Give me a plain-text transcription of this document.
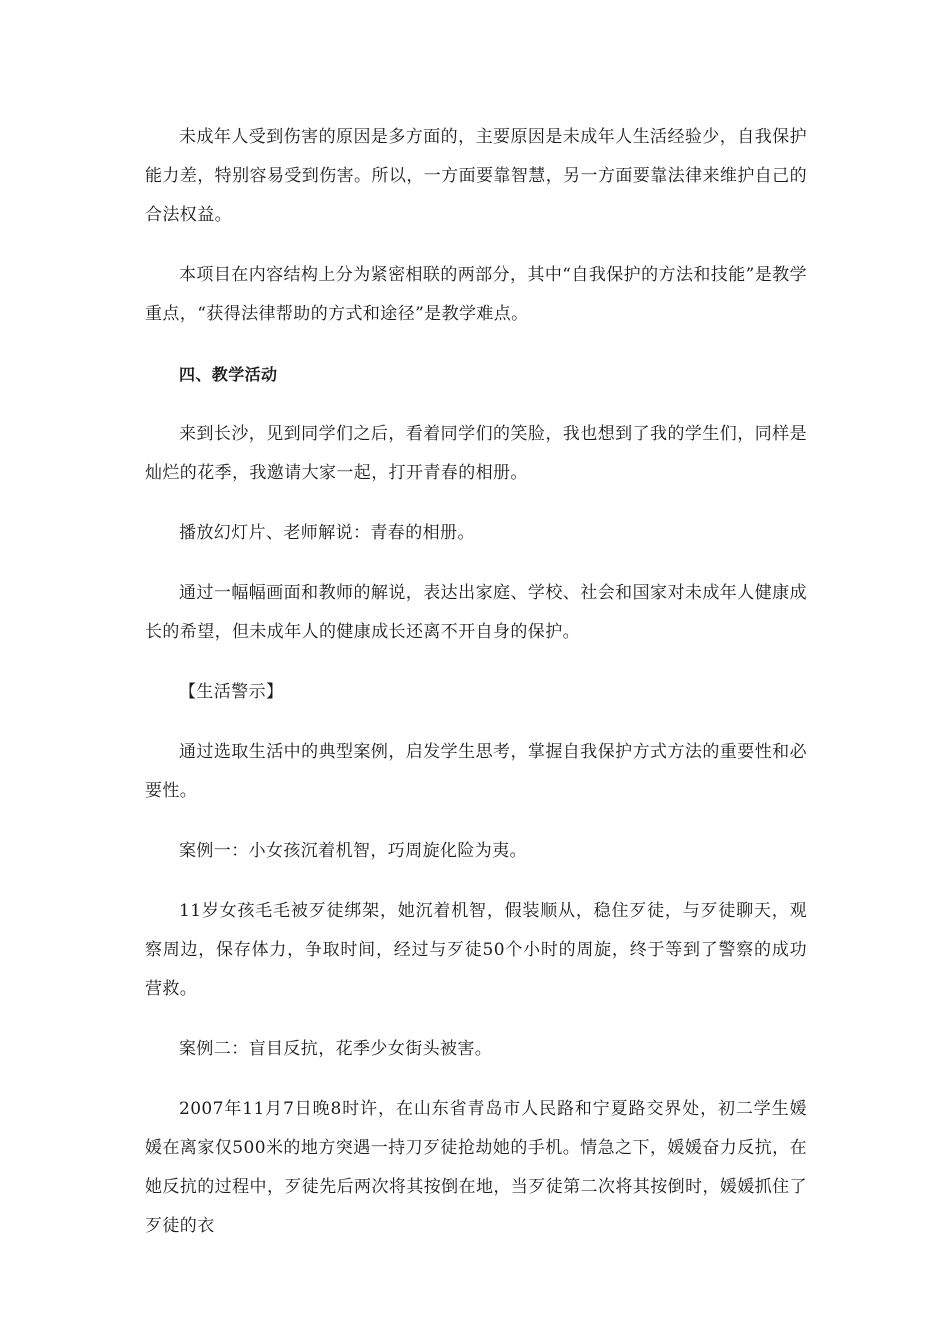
未成年人受到伤害的原因是多方面的，主要原因是未成年人生活经验少，自我保护能力差，特别容易受到伤害。所以，一方面要靠智慧，另一方面要靠法律来维护自己的合法权益。

本项目在内容结构上分为紧密相联的两部分，其中“自我保护的方法和技能”是教学重点，“获得法律帮助的方式和途径”是教学难点。

四、教学活动

来到长沙，见到同学们之后，看着同学们的笑脸，我也想到了我的学生们，同样是灿烂的花季，我邀请大家一起，打开青春的相册。

播放幻灯片、老师解说：青春的相册。

通过一幅幅画面和教师的解说，表达出家庭、学校、社会和国家对未成年人健康成长的希望，但未成年人的健康成长还离不开自身的保护。

【生活警示】

通过选取生活中的典型案例，启发学生思考，掌握自我保护方式方法的重要性和必要性。

案例一：小女孩沉着机智，巧周旋化险为夷。

11岁女孩毛毛被歹徒绑架，她沉着机智，假装顺从，稳住歹徒，与歹徒聊天，观察周边，保存体力，争取时间，经过与歹徒50个小时的周旋，终于等到了警察的成功营救。

案例二：盲目反抗，花季少女街头被害。

2007年11月7日晚8时许，在山东省青岛市人民路和宁夏路交界处，初二学生媛媛在离家仅500米的地方突遇一持刀歹徒抢劫她的手机。情急之下，媛媛奋力反抗，在她反抗的过程中，歹徒先后两次将其按倒在地，当歹徒第二次将其按倒时，媛媛抓住了歹徒的衣
